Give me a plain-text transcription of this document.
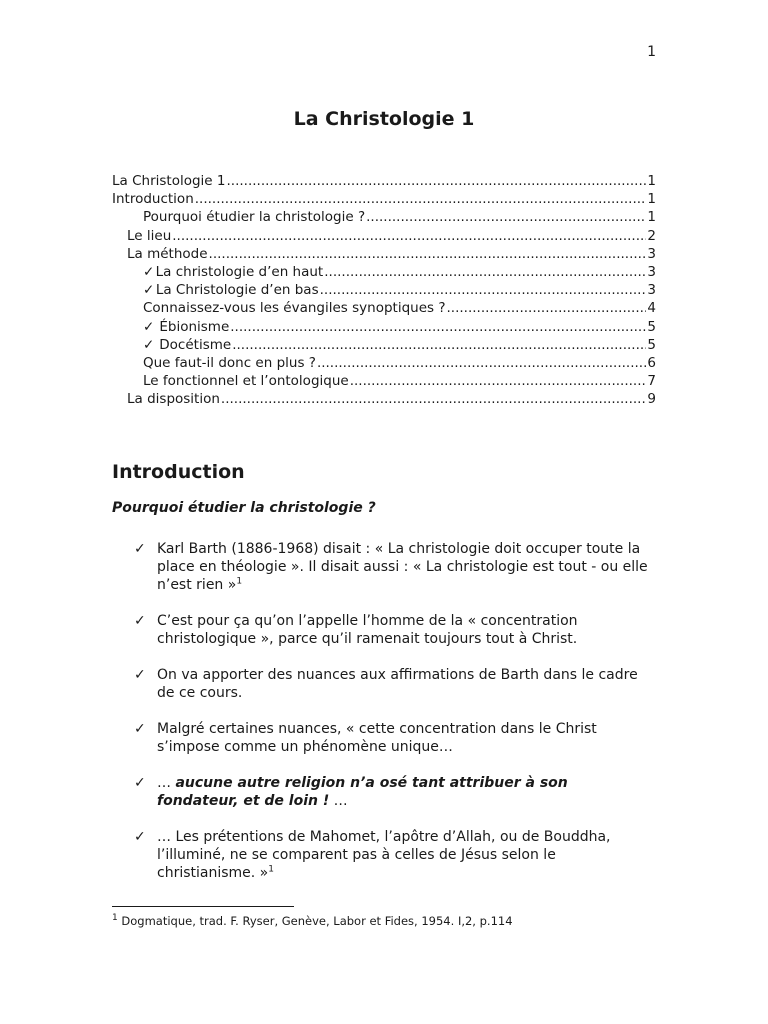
1
La Christologie 1
La Christologie 1 .....	1
Introduction .....	1
Pourquoi étudier la christologie ? .....	1
Le lieu .....	2
La méthode .....	3
✓ La christologie d’en haut .....	3
✓ La Christologie d’en bas .....	3
Connaissez-vous les évangiles synoptiques ? .....	4
✓ Ébionisme .....	5
✓ Docétisme .....	5
Que faut-il donc en plus ? .....	6
Le fonctionnel et l’ontologique .....	7
La disposition .....	9
Introduction
Pourquoi étudier la christologie ?
✓ Karl Barth (1886-1968) disait : « La christologie doit occuper toute la place en théologie ». Il disait aussi : « La christologie est tout - ou elle n’est rien »$^1$
✓ C’est pour ça qu’on l’appelle l’homme de la « concentration christologique », parce qu’il ramenait toujours tout à Christ.
✓ On va apporter des nuances aux affirmations de Barth dans le cadre de ce cours.
✓ Malgré certaines nuances, « cette concentration dans le Christ s’impose comme un phénomène unique…
✓ … aucune autre religion n’a osé tant attribuer à son fondateur, et de loin ! …
✓ … Les prétentions de Mahomet, l’apôtre d’Allah, ou de Bouddha, l’illuminé, ne se comparent pas à celles de Jésus selon le christianisme. »$^1$
$^1$ Dogmatique, trad. F. Ryser, Genève, Labor et Fides, 1954. I,2, p.114
